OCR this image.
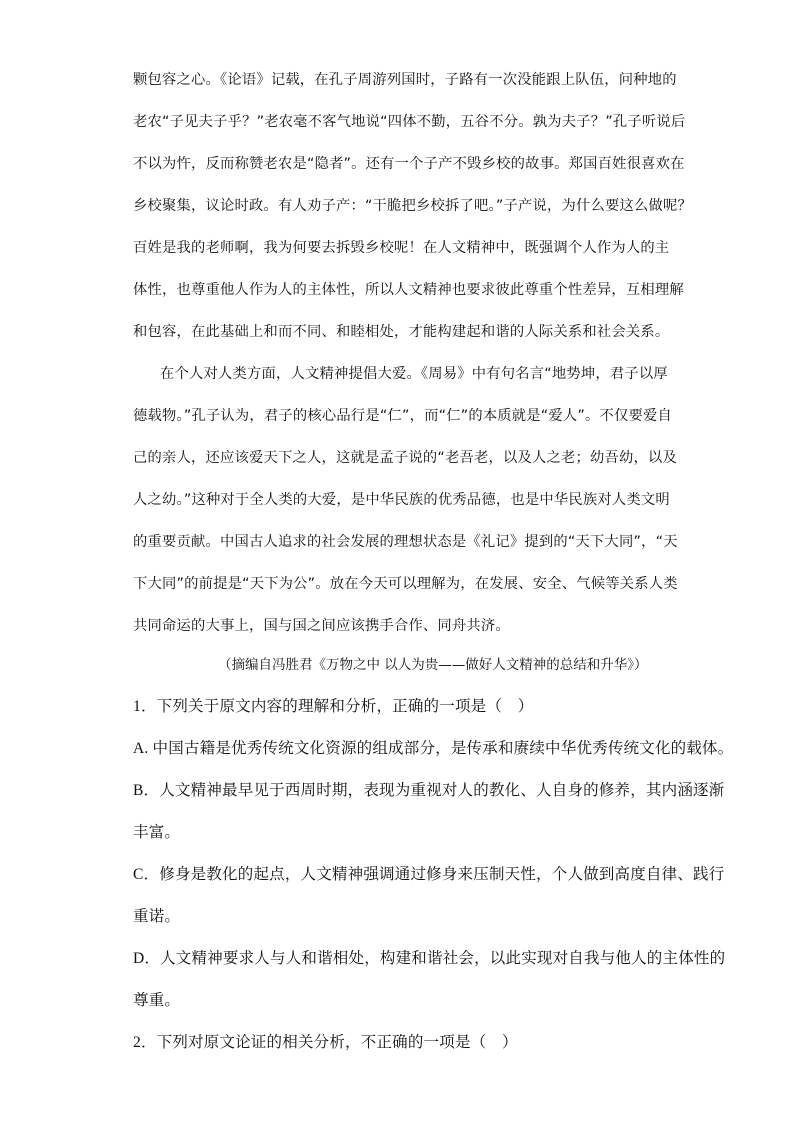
颗包容之心。《论语》记载，在孔子周游列国时，子路有一次没能跟上队伍，问种地的
老农“子见夫子乎？”老农毫不客气地说“四体不勤，五谷不分。孰为夫子？”孔子听说后
不以为忤，反而称赞老农是“隐者”。还有一个子产不毁乡校的故事。郑国百姓很喜欢在
乡校聚集，议论时政。有人劝子产：“干脆把乡校拆了吧。”子产说，为什么要这么做呢？
百姓是我的老师啊，我为何要去拆毁乡校呢！在人文精神中，既强调个人作为人的主
体性，也尊重他人作为人的主体性，所以人文精神也要求彼此尊重个性差异，互相理解
和包容，在此基础上和而不同、和睦相处，才能构建起和谐的人际关系和社会关系。
在个人对人类方面，人文精神提倡大爱。《周易》中有句名言“地势坤，君子以厚
德载物。”孔子认为，君子的核心品行是“仁”，而“仁”的本质就是“爱人”。不仅要爱自
己的亲人，还应该爱天下之人，这就是孟子说的“老吾老，以及人之老；幼吾幼，以及
人之幼。”这种对于全人类的大爱，是中华民族的优秀品德，也是中华民族对人类文明
的重要贡献。中国古人追求的社会发展的理想状态是《礼记》提到的“天下大同”，“天
下大同”的前提是“天下为公”。放在今天可以理解为，在发展、安全、气候等关系人类
共同命运的大事上，国与国之间应该携手合作、同舟共济。
（摘编自冯胜君《万物之中 以人为贵——做好人文精神的总结和升华》）
1．下列关于原文内容的理解和分析，正确的一项是（　）
A. 中国古籍是优秀传统文化资源的组成部分，是传承和赓续中华优秀传统文化的载体。
B．人文精神最早见于西周时期，表现为重视对人的教化、人自身的修养，其内涵逐渐
丰富。
C．修身是教化的起点，人文精神强调通过修身来压制天性，个人做到高度自律、践行
重诺。
D．人文精神要求人与人和谐相处，构建和谐社会，以此实现对自我与他人的主体性的
尊重。
2．下列对原文论证的相关分析，不正确的一项是（　）
